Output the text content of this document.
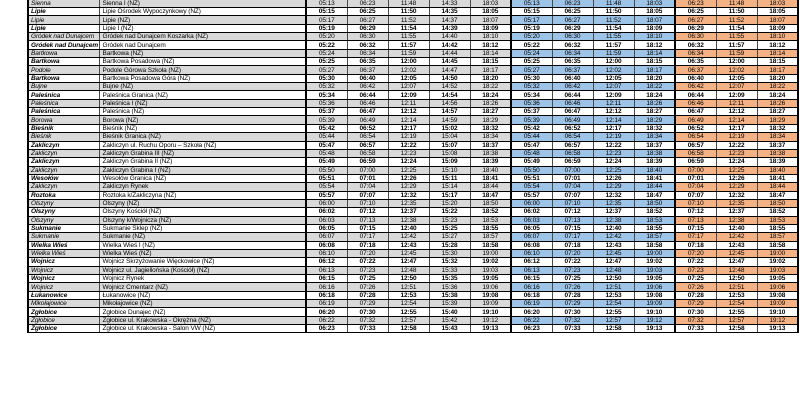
Sienna	Sienna I (NZ)	05:13	06:23	11:48	14:33	18:03	05:13	06:23	11:48	18:03	06:23	11:48	18:03
Lipie	Lipie Ośrodek Wypoczynkowy (NZ)	05:15	06:25	11:50	14:35	18:05	05:15	06:25	11:50	18:05	06:25	11:50	18:05
Lipie	Lipie (NZ)	05:17	06:27	11:52	14:37	18:07	05:17	06:27	11:52	18:07	06:27	11:52	18:07
Lipie	Lipie I (NZ)	05:19	06:29	11:54	14:39	18:09	05:19	06:29	11:54	18:09	06:29	11:54	18:09
Gródek nad Dunajcem	Gródek nad Dunajcem Koszarka (NZ)	05:20	06:30	11:55	14:40	18:10	05:20	06:30	11:55	18:10	06:30	11:55	18:10
Gródek nad Dunajcem	Gródek nad Dunajcem	05:22	06:32	11:57	14:42	18:12	05:22	06:32	11:57	18:12	06:32	11:57	18:12
Bartkowa	Bartkowa (NZ)	05:24	06:34	11:59	14:44	18:14	05:24	06:34	11:59	18:14	06:34	11:59	18:14
Bartkowa	Bartkowa Posadowa (NZ)	05:25	06:35	12:00	14:45	18:15	05:25	06:35	12:00	18:15	06:35	12:00	18:15
Podole	Podole Górowa Szkoła (NZ)	05:27	06:37	12:02	14:47	18:17	05:27	06:37	12:02	18:17	06:37	12:02	18:17
Bartkowa	Bartkowa Posadowa Góra (NZ)	05:30	06:40	12:05	14:50	18:20	05:30	06:40	12:05	18:20	06:40	12:05	18:20
Bujne	Bujne (NZ)	05:32	06:42	12:07	14:52	18:22	05:32	06:42	12:07	18:22	06:42	12:07	18:22
Paleśnica	Paleśnica Granica (NZ)	05:34	06:44	12:09	14:54	18:24	05:34	06:44	12:09	18:24	06:44	12:09	18:24
Paleśnica	Paleśnica I (NZ)	05:36	06:46	12:11	14:56	18:26	05:36	06:46	12:11	18:26	06:46	12:11	18:26
Paleśnica	Paleśnica (NZ)	05:37	06:47	12:12	14:57	18:27	05:37	06:47	12:12	18:27	06:47	12:12	18:27
Borowa	Borowa (NZ)	05:39	06:49	12:14	14:59	18:29	05:39	06:49	12:14	18:29	06:49	12:14	18:29
Bieśnik	Bieśnik (NZ)	05:42	06:52	12:17	15:02	18:32	05:42	06:52	12:17	18:32	06:52	12:17	18:32
Bieśnik	Bieśnik Granica (NZ)	05:44	06:54	12:19	15:04	18:34	05:44	06:54	12:19	18:34	06:54	12:19	18:34
Zakliczyn	Zakliczyn ul. Ruchu Oporu – Szkoła (NZ)	05:47	06:57	12:22	15:07	18:37	05:47	06:57	12:22	18:37	06:57	12:22	18:37
Zakliczyn	Zakliczyn Grabina III (NZ)	05:48	06:58	12:23	15:08	18:38	05:48	06:58	12:23	18:38	06:58	12:23	18:38
Zakliczyn	Zakliczyn Grabina II (NZ)	05:49	06:59	12:24	15:09	18:39	05:49	06:59	12:24	18:39	06:59	12:24	18:39
Zakliczyn	Zakliczyn Grabina I (NZ)	05:50	07:00	12:25	15:10	18:40	05:50	07:00	12:25	18:40	07:00	12:25	18:40
Wesołów	Wesołów Granica (NZ)	05:51	07:01	12:26	15:11	18:41	05:51	07:01	12:26	18:41	07:01	12:26	18:41
Zakliczyn	Zakliczyn Rynek	05:54	07:04	12:29	15:14	18:44	05:54	07:04	12:29	18:44	07:04	12:29	18:44
Roztoka	Roztoka k/Zakliczyna (NZ)	05:57	07:07	12:32	15:17	18:47	05:57	07:07	12:32	18:47	07:07	12:32	18:47
Olszyny	Olszyny (NZ)	06:00	07:10	12:35	15:20	18:50	06:00	07:10	12:35	18:50	07:10	12:35	18:50
Olszyny	Olszyny Kościół (NZ)	06:02	07:12	12:37	15:22	18:52	06:02	07:12	12:37	18:52	07:12	12:37	18:52
Olszyny	Olszyny k/Wojnicza (NZ)	06:03	07:13	12:38	15:23	18:53	06:03	07:13	12:38	18:53	07:13	12:38	18:53
Sukmanie	Sukmanie Sklep (NZ)	06:05	07:15	12:40	15:25	18:55	06:05	07:15	12:40	18:55	07:15	12:40	18:55
Sukmanie	Sukmanie (NZ)	06:07	07:17	12:42	15:27	18:57	06:07	07:17	12:42	18:57	07:17	12:42	18:57
Wielka Wieś	Wielka Wieś I (NZ)	06:08	07:18	12:43	15:28	18:58	06:08	07:18	12:43	18:58	07:18	12:43	18:58
Wielka Wieś	Wielka Wieś (NZ)	06:10	07:20	12:45	15:30	19:00	06:10	07:20	12:45	19:00	07:20	12:45	19:00
Wojnicz	Wojnicz Skrzyżowanie Więckowice (NZ)	06:12	07:22	12:47	15:32	19:02	06:12	07:22	12:47	19:02	07:22	12:47	19:02
Wojnicz	Wojnicz ul. Jagiellońska (Kościół) (NZ)	06:13	07:23	12:48	15:33	19:03	06:13	07:23	12:48	19:03	07:23	12:48	19:03
Wojnicz	Wojnicz Rynek	06:15	07:25	12:50	15:35	19:05	06:15	07:25	12:50	19:05	07:25	12:50	19:05
Wojnicz	Wojnicz Cmentarz (NZ)	06:16	07:26	12:51	15:36	19:06	06:16	07:26	12:51	19:06	07:26	12:51	19:06
Łukanowice	Łukanowice (NZ)	06:18	07:28	12:53	15:38	19:08	06:18	07:28	12:53	19:08	07:28	12:53	19:08
Mikołajowice	Mikołajowice (NZ)	06:19	07:29	12:54	15:39	19:09	06:19	07:29	12:54	19:09	07:29	12:54	19:09
Zgłobice	Zgłobice Dunajec (NZ)	06:20	07:30	12:55	15:40	19:10	06:20	07:30	12:55	19:10	07:30	12:55	19:10
Zgłobice	Zgłobice ul. Krakowska - Okrężna (NZ)	06:22	07:32	12:57	15:42	19:12	06:22	07:32	12:57	19:12	07:32	12:57	19:12
Zgłobice	Zgłobice ul. Krakowska - Salon VW (NZ)	06:23	07:33	12:58	15:43	19:13	06:23	07:33	12:58	19:13	07:33	12:58	19:13
